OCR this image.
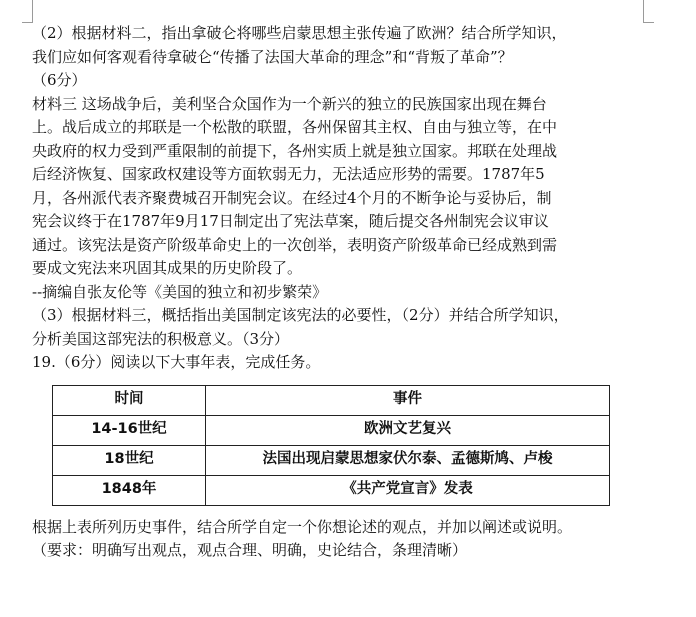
（2）根据材料二，指出拿破仑将哪些启蒙思想主张传遍了欧洲？结合所学知识，
我们应如何客观看待拿破仑“传播了法国大革命的理念”和“背叛了革命”？
（6分）
材料三 这场战争后，美利坚合众国作为一个新兴的独立的民族国家出现在舞台
上。战后成立的邦联是一个松散的联盟，各州保留其主权、自由与独立等，在中
央政府的权力受到严重限制的前提下，各州实质上就是独立国家。邦联在处理战
后经济恢复、国家政权建设等方面软弱无力，无法适应形势的需要。1787年5
月，各州派代表齐聚费城召开制宪会议。在经过4个月的不断争论与妥协后，制
宪会议终于在1787年9月17日制定出了宪法草案，随后提交各州制宪会议审议
通过。该宪法是资产阶级革命史上的一次创举，表明资产阶级革命已经成熟到需
要成文宪法来巩固其成果的历史阶段了。
--摘编自张友伦等《美国的独立和初步繁荣》
（3）根据材料三，概括指出美国制定该宪法的必要性，（2分）并结合所学知识，
分析美国这部宪法的积极意义。（3分）
19.（6分）阅读以下大事年表，完成任务。
时间	事件
14-16世纪	欧洲文艺复兴
18世纪	法国出现启蒙思想家伏尔泰、孟德斯鸠、卢梭
1848年	《共产党宣言》发表
根据上表所列历史事件，结合所学自定一个你想论述的观点，并加以阐述或说明。
（要求：明确写出观点，观点合理、明确，史论结合，条理清晰）
